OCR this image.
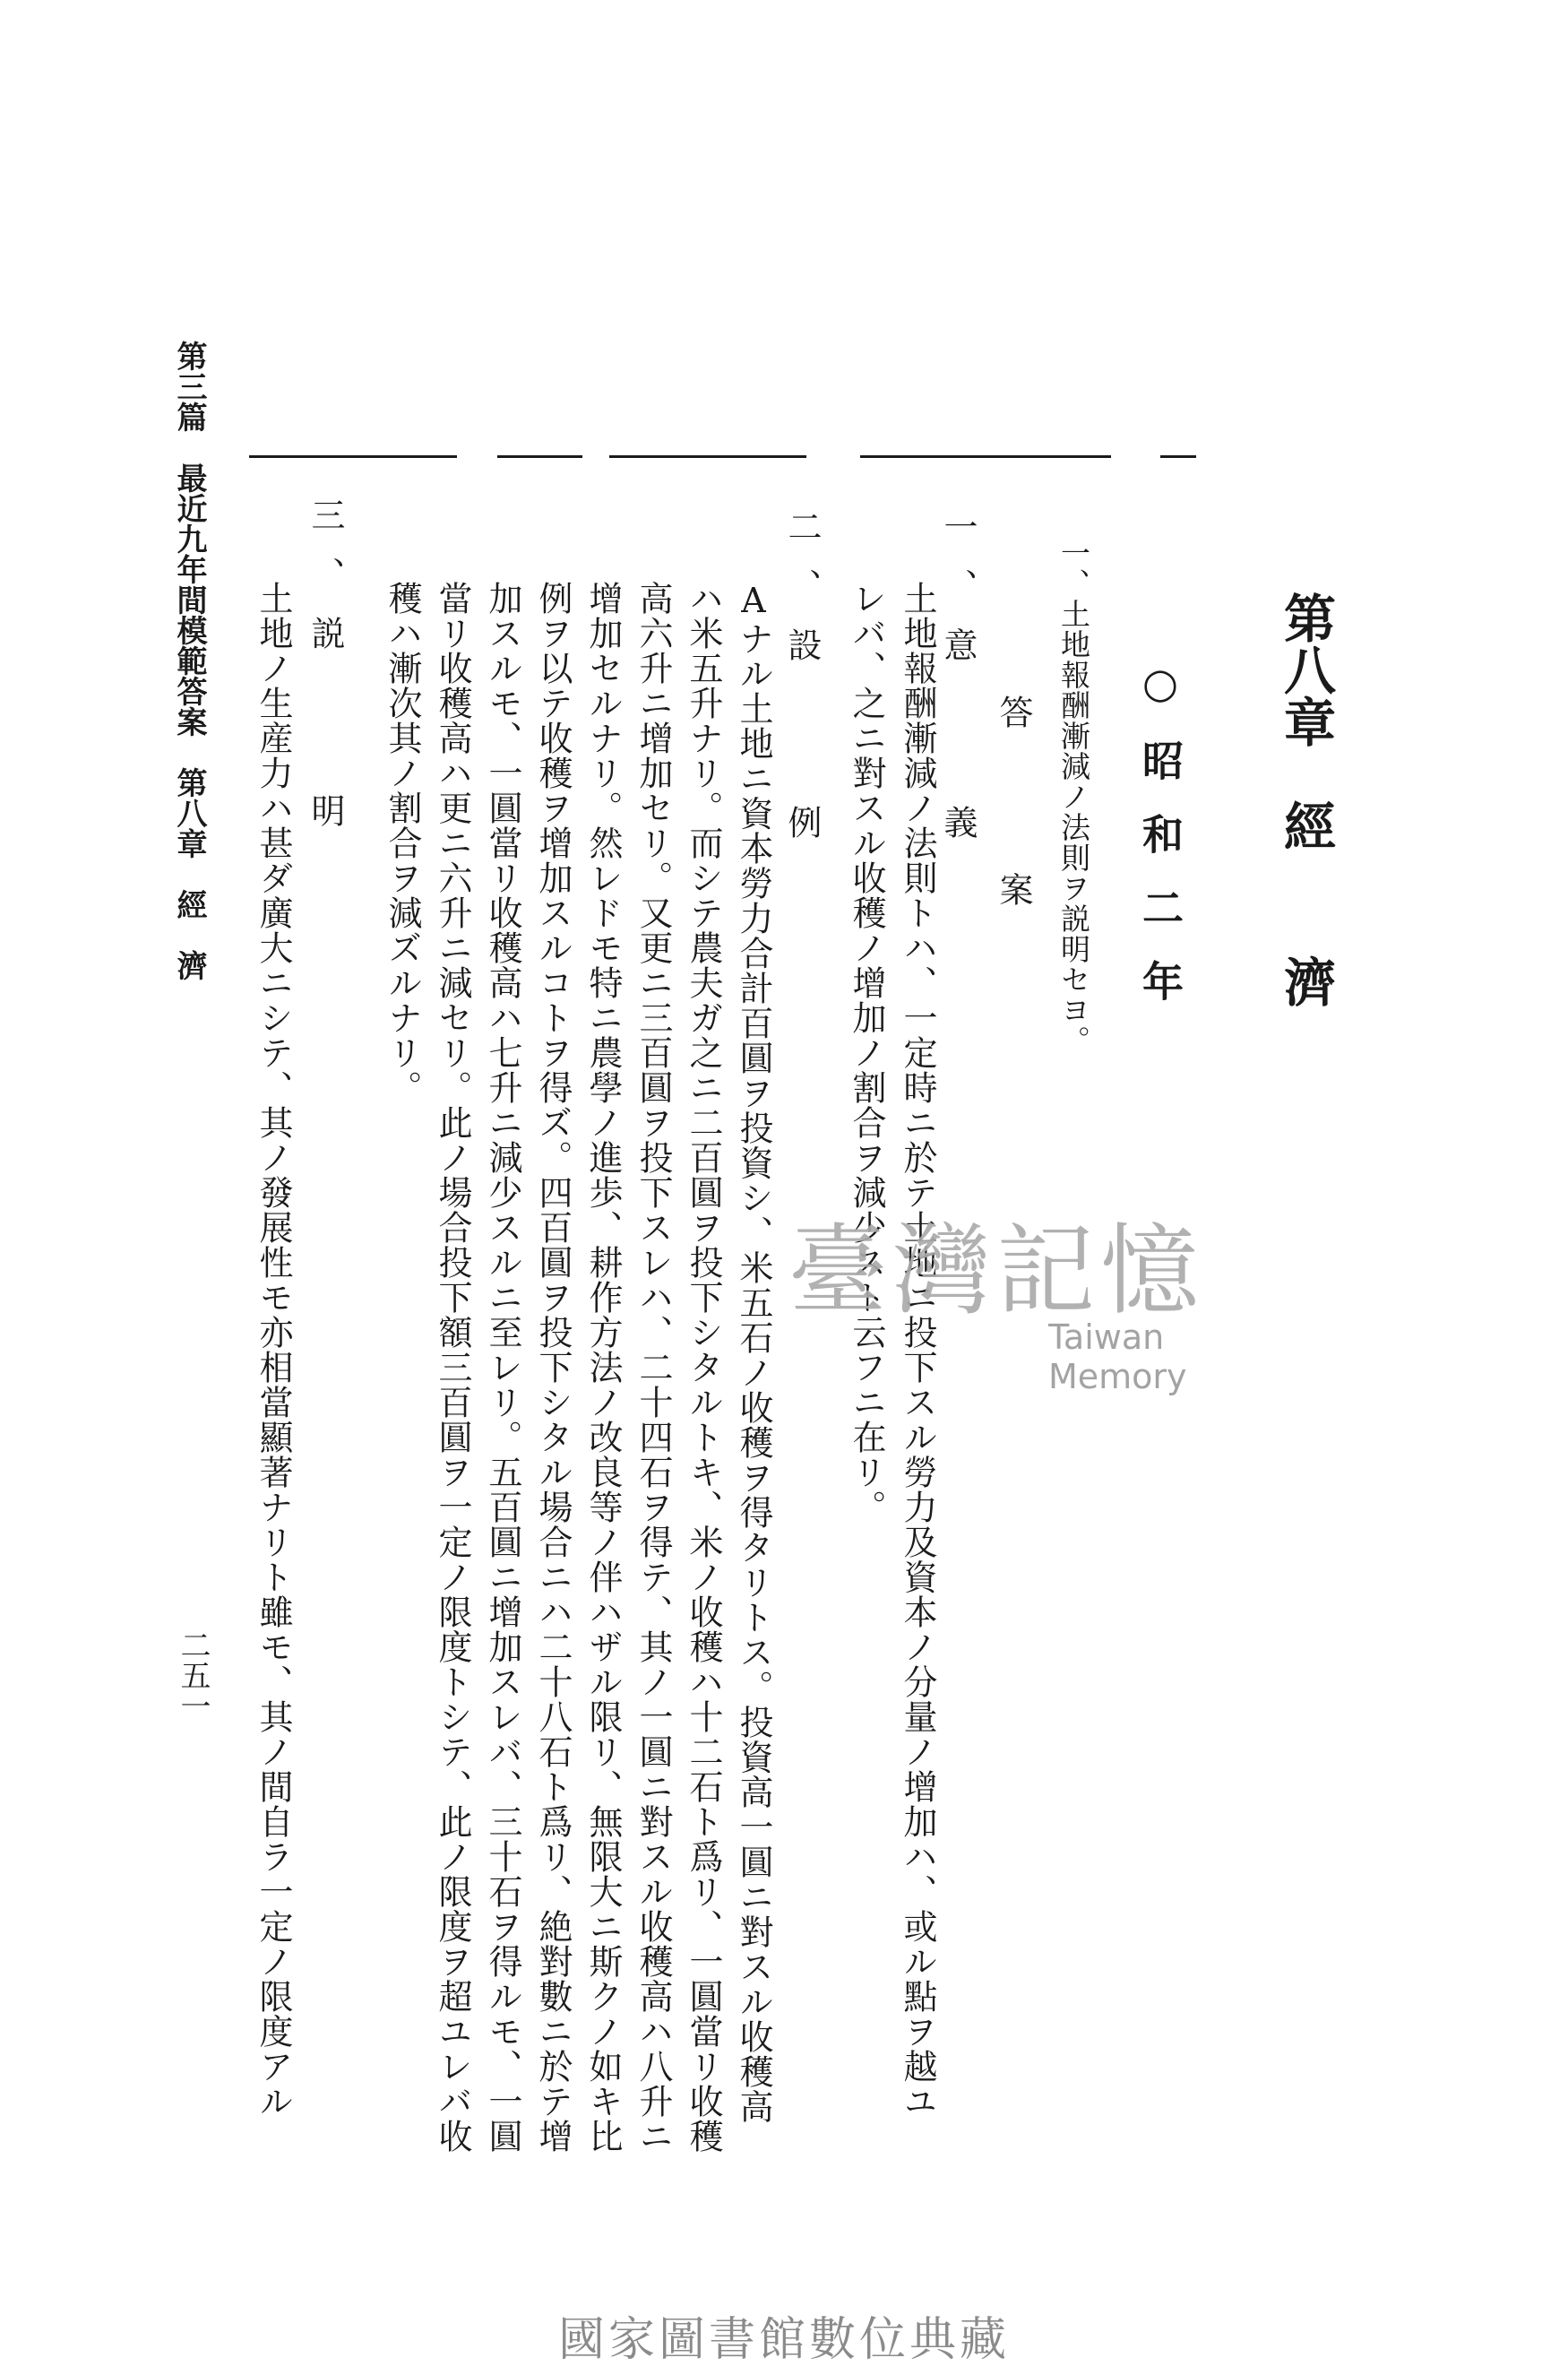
第八章　經　　濟
○昭和二年
一、土地報酬漸減ノ法則ヲ説明セヨ。
答　　案
一、意　　義
土地報酬漸減ノ法則トハ、一定時ニ於テ土地ニ投下スル勞力及資本ノ分量ノ增加ハ、或ル點ヲ越ユ
レバ、之ニ對スル收穫ノ增加ノ割合ヲ減少スト云フニ在リ。
二、設　　例
Aナル土地ニ資本勞力合計百圓ヲ投資シ、米五石ノ收穫ヲ得タリトス。投資高一圓ニ對スル收穫高
ハ米五升ナリ。而シテ農夫ガ之ニ二百圓ヲ投下シタルトキ、米ノ收穫ハ十二石ト爲リ、一圓當リ收穫
高六升ニ增加セリ。又更ニ三百圓ヲ投下スレハ、二十四石ヲ得テ、其ノ一圓ニ對スル收穫高ハ八升ニ
增加セルナリ。然レドモ特ニ農學ノ進歩、耕作方法ノ改良等ノ伴ハザル限リ、無限大ニ斯クノ如キ比
例ヲ以テ收穫ヲ增加スルコトヲ得ズ。四百圓ヲ投下シタル場合ニハ二十八石ト爲リ、絶對數ニ於テ增
加スルモ、一圓當リ收穫高ハ七升ニ減少スルニ至レリ。五百圓ニ增加スレバ、三十石ヲ得ルモ、一圓
當リ收穫高ハ更ニ六升ニ減セリ。此ノ場合投下額三百圓ヲ一定ノ限度トシテ、此ノ限度ヲ超ユレバ收
穫ハ漸次其ノ割合ヲ減ズルナリ。
三、説　　明
土地ノ生産力ハ甚ダ廣大ニシテ、其ノ發展性モ亦相當顯著ナリト雖モ、其ノ間自ラ一定ノ限度アル
第三篇　最近九年間模範答案　第八章　經　濟
二五一
臺灣記憶
Taiwan Memory
國家圖書館數位典藏
